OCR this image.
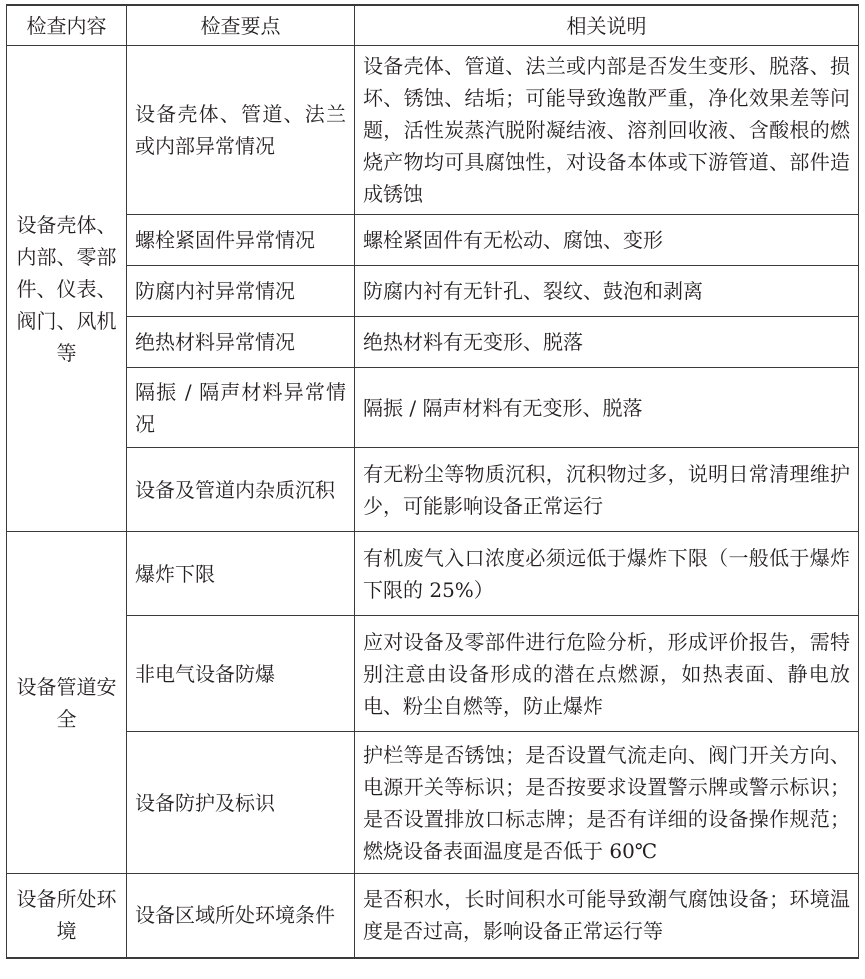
检查内容	检查要点	相关说明
设备壳体、内部、零部件、仪表、阀门、风机等	设备壳体、管道、法兰或内部异常情况	设备壳体、管道、法兰或内部是否发生变形、脱落、损坏、锈蚀、结垢；可能导致逸散严重，净化效果差等问题，活性炭蒸汽脱附凝结液、溶剂回收液、含酸根的燃烧产物均可具腐蚀性，对设备本体或下游管道、部件造成锈蚀
	螺栓紧固件异常情况	螺栓紧固件有无松动、腐蚀、变形
	防腐内衬异常情况	防腐内衬有无针孔、裂纹、鼓泡和剥离
	绝热材料异常情况	绝热材料有无变形、脱落
	隔振 / 隔声材料异常情况	隔振 / 隔声材料有无变形、脱落
	设备及管道内杂质沉积	有无粉尘等物质沉积，沉积物过多，说明日常清理维护少，可能影响设备正常运行
设备管道安全	爆炸下限	有机废气入口浓度必须远低于爆炸下限（一般低于爆炸下限的 25%）
	非电气设备防爆	应对设备及零部件进行危险分析，形成评价报告，需特别注意由设备形成的潜在点燃源，如热表面、静电放电、粉尘自燃等，防止爆炸
	设备防护及标识	护栏等是否锈蚀；是否设置气流走向、阀门开关方向、电源开关等标识；是否按要求设置警示牌或警示标识；是否设置排放口标志牌；是否有详细的设备操作规范；燃烧设备表面温度是否低于 60℃
设备所处环境	设备区域所处环境条件	是否积水，长时间积水可能导致潮气腐蚀设备；环境温度是否过高，影响设备正常运行等
